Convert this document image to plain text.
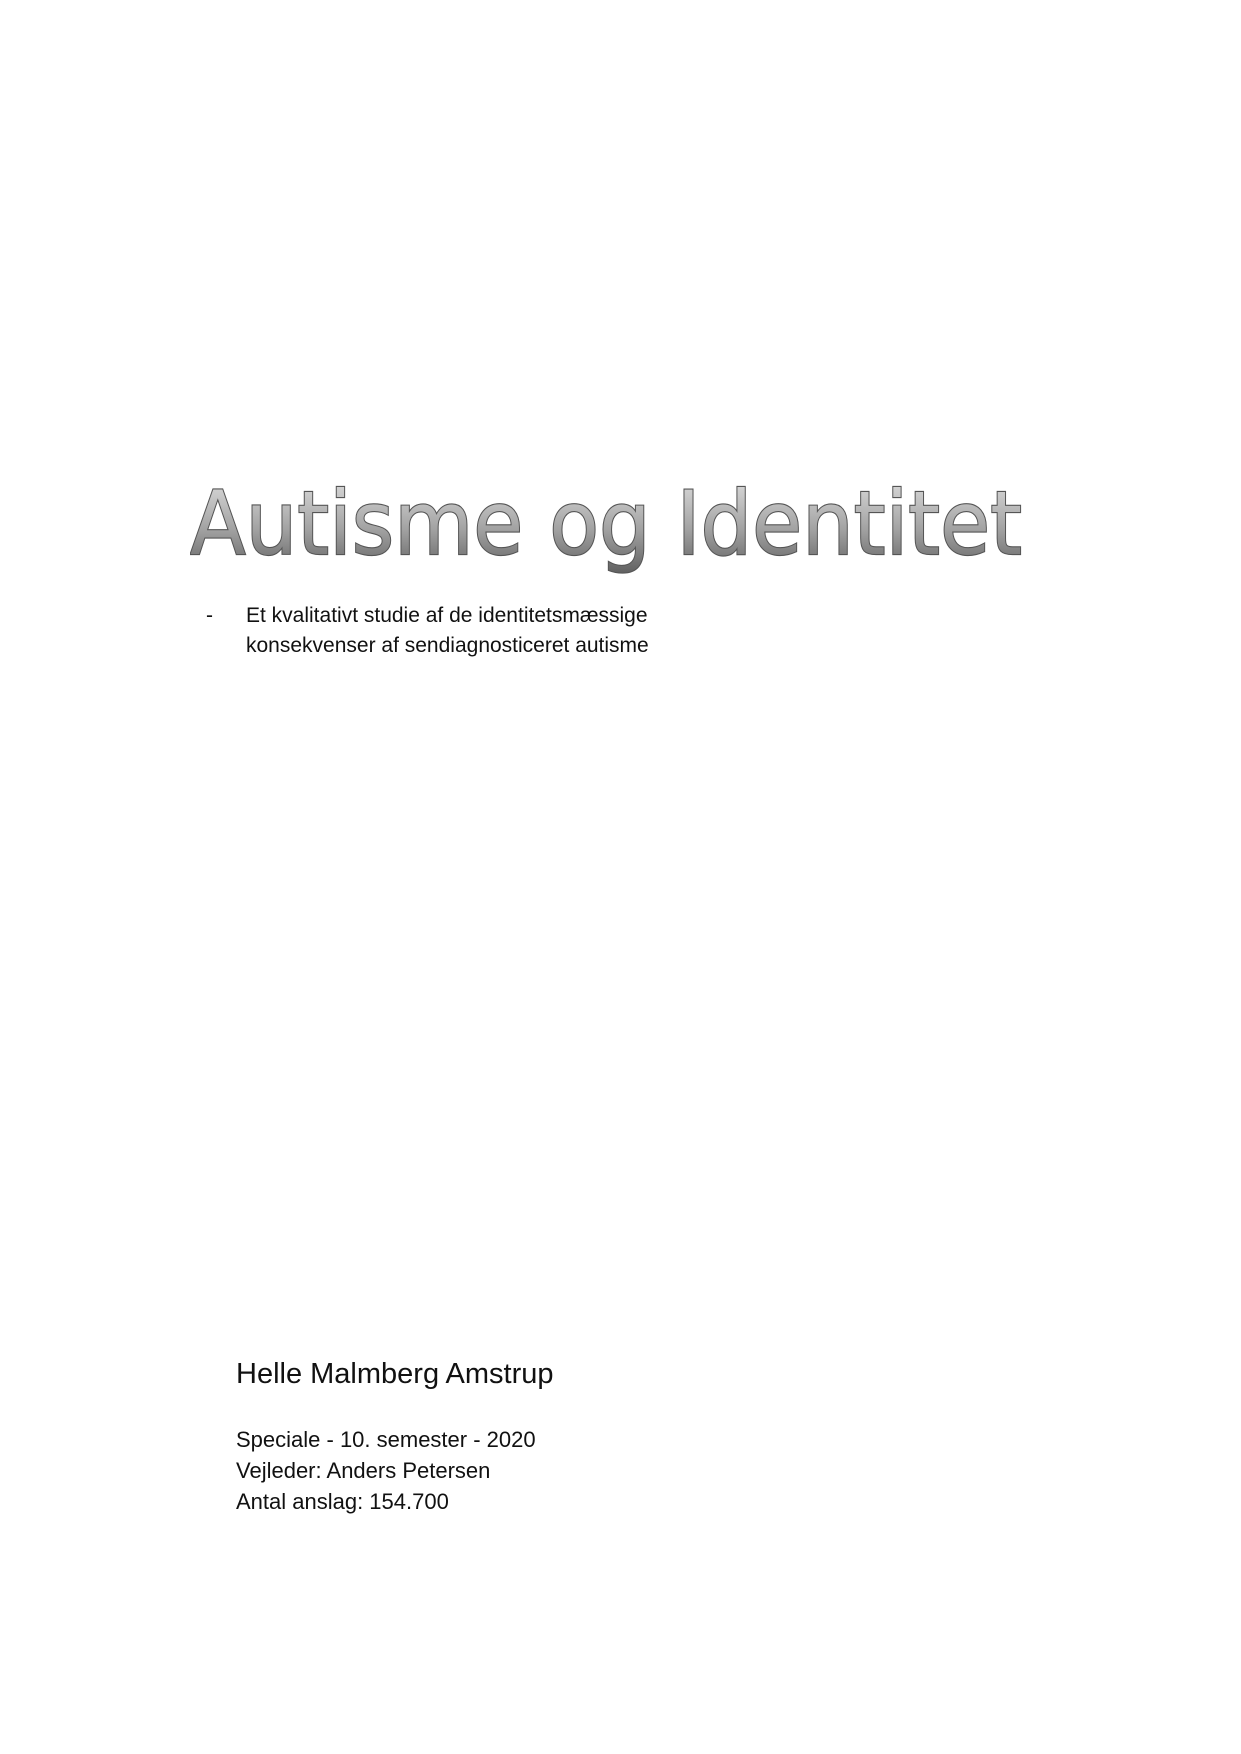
Autisme og Identitet
- Et kvalitativt studie af de identitetsmæssige
konsekvenser af sendiagnosticeret autisme
Helle Malmberg Amstrup
Speciale - 10. semester - 2020
Vejleder: Anders Petersen
Antal anslag: 154.700
